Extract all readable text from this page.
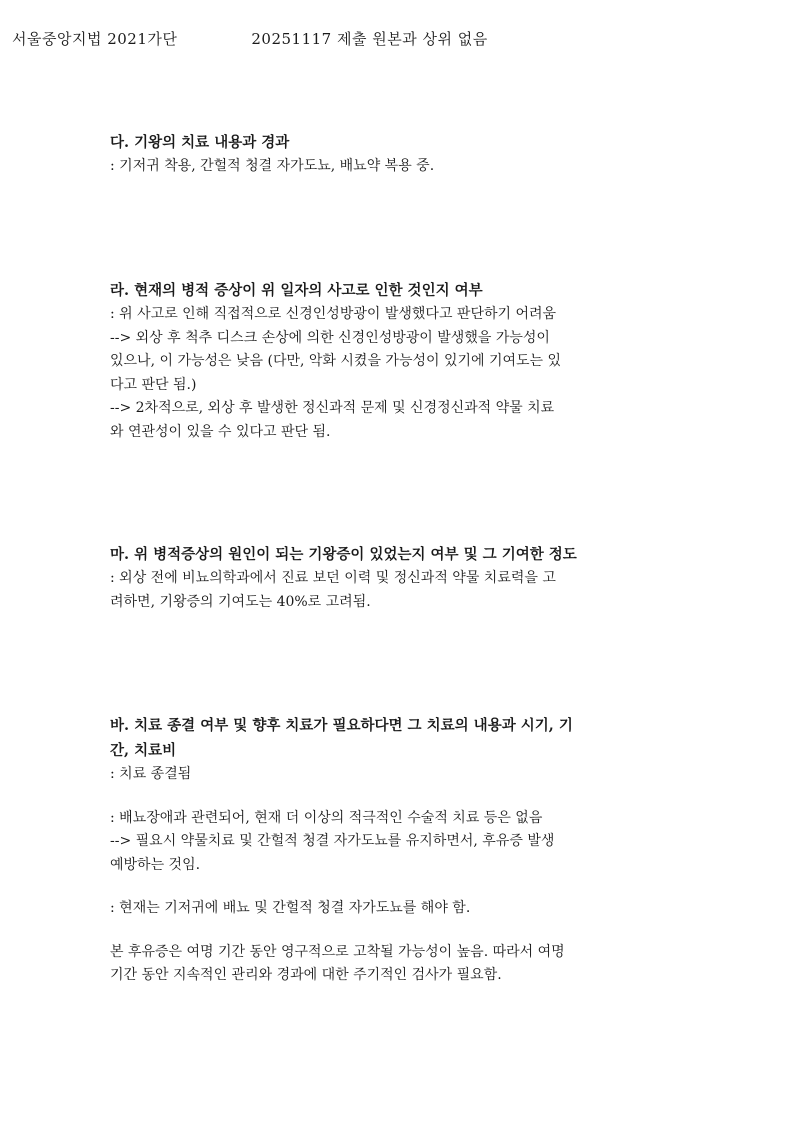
서울중앙지법 2021가단	20251117 제출 원본과 상위 없음

다. 기왕의 치료 내용과 경과

: 기저귀 착용, 간헐적 청결 자가도뇨, 배뇨약 복용 중.

라. 현재의 병적 증상이 위 일자의 사고로 인한 것인지 여부

: 위 사고로 인해 직접적으로 신경인성방광이 발생했다고 판단하기 어려움

--> 외상 후 척추 디스크 손상에 의한 신경인성방광이 발생했을 가능성이

있으나, 이 가능성은 낮음 (다만, 악화 시켰을 가능성이 있기에 기여도는 있

다고 판단 됨.)

--> 2차적으로, 외상 후 발생한 정신과적 문제 및 신경정신과적 약물 치료

와 연관성이 있을 수 있다고 판단 됨.

마. 위 병적증상의 원인이 되는 기왕증이 있었는지 여부 및 그 기여한 정도

: 외상 전에 비뇨의학과에서 진료 보던 이력 및 정신과적 약물 치료력을 고

려하면, 기왕증의 기여도는 40%로 고려됨.

바. 치료 종결 여부 및 향후 치료가 필요하다면 그 치료의 내용과 시기, 기

간, 치료비

: 치료 종결됨

: 배뇨장애과 관련되어, 현재 더 이상의 적극적인 수술적 치료 등은 없음

--> 필요시 약물치료 및 간헐적 청결 자가도뇨를 유지하면서, 후유증 발생

예방하는 것임.

: 현재는 기저귀에 배뇨 및 간헐적 청결 자가도뇨를 해야 함.

본 후유증은 여명 기간 동안 영구적으로 고착될 가능성이 높음. 따라서 여명

기간 동안 지속적인 관리와 경과에 대한 주기적인 검사가 필요함.
